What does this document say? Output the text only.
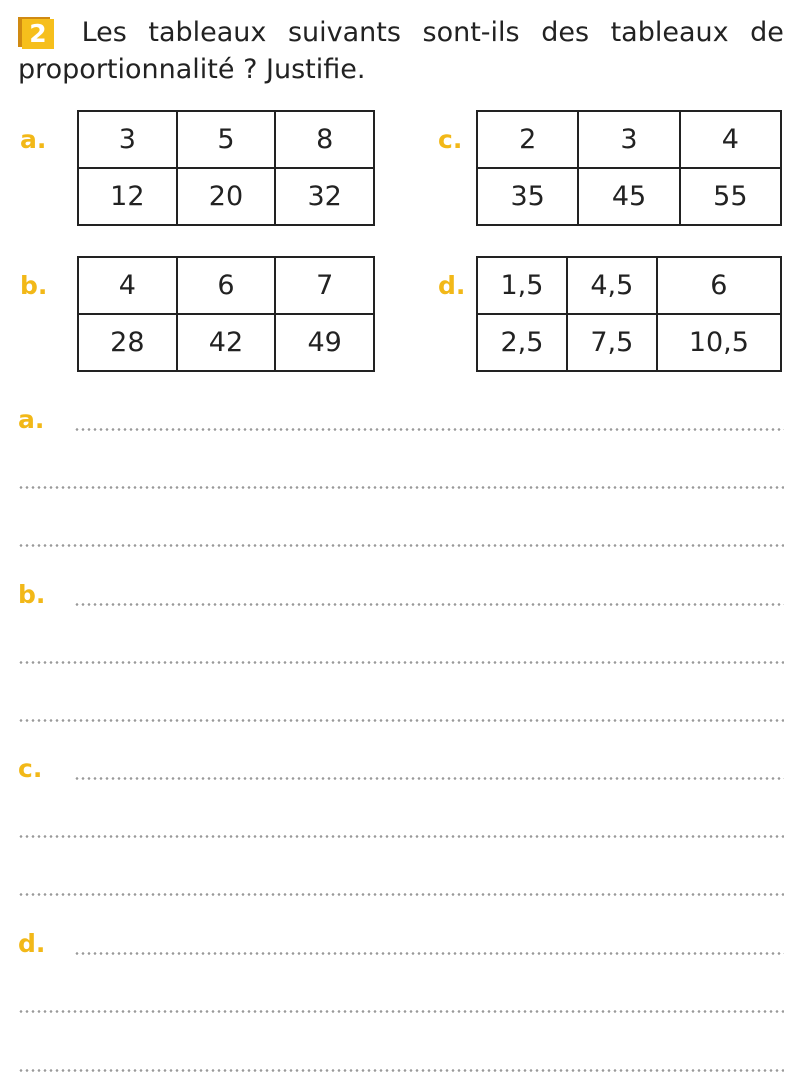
2 Les tableaux suivants sont-ils des tableaux de
proportionnalité ? Justifie.
a.	3	5	8
12	20	32
b.	4	6	7
28	42	49
c. 2	3	4
35	45	55
d. 1,5	4,5	6
2,5	7,5	10,5
a.
b.
c.
d.
